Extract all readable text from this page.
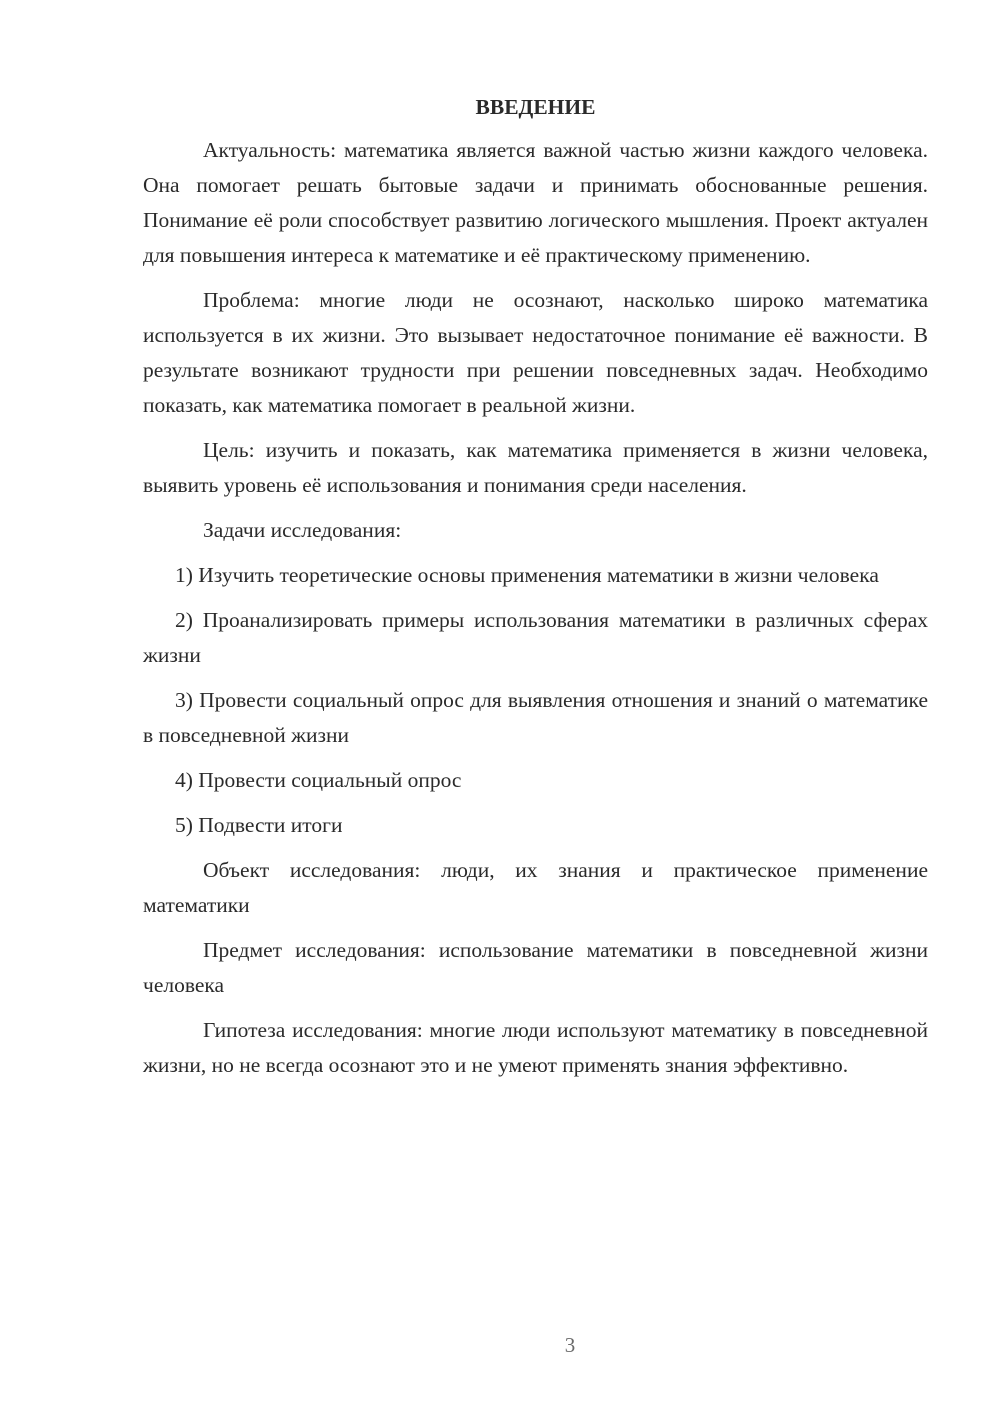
ВВЕДЕНИЕ

Актуальность: математика является важной частью жизни каждого человека. Она помогает решать бытовые задачи и принимать обоснованные решения. Понимание её роли способствует развитию логического мышления. Проект актуален для повышения интереса к математике и её практическому применению.

Проблема: многие люди не осознают, насколько широко математика используется в их жизни. Это вызывает недостаточное понимание её важности. В результате возникают трудности при решении повседневных задач. Необходимо показать, как математика помогает в реальной жизни.

Цель: изучить и показать, как математика применяется в жизни человека, выявить уровень её использования и понимания среди населения.

Задачи исследования:

1) Изучить теоретические основы применения математики в жизни человека

2) Проанализировать примеры использования математики в различных сферах жизни

3) Провести социальный опрос для выявления отношения и знаний о математике в повседневной жизни

4) Провести социальный опрос

5) Подвести итоги

Объект исследования: люди, их знания и практическое применение математики

Предмет исследования: использование математики в повседневной жизни человека

Гипотеза исследования: многие люди используют математику в повседневной жизни, но не всегда осознают это и не умеют применять знания эффективно.

3
